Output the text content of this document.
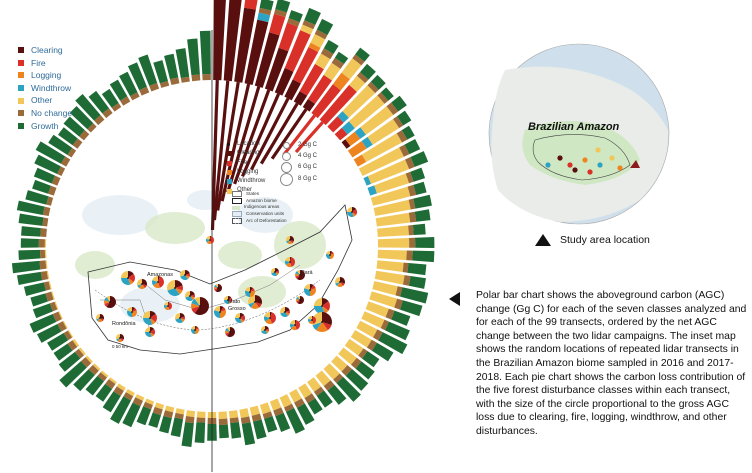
Clearing
Fire
Logging
Windthrow
Other
No change
Growth
Location
Clearing
Fire
Logging
Windthrow
Other
2 Gg C
4 Gg C
6 Gg C
8 Gg C
States
Amazon biome
Indigenous areas
Conservation units
Arc of Deforestation
Amazonas
Rondônia
Mato Grosso
Pará
0 50 km
Brazilian Amazon
Study area location
Polar bar chart shows the aboveground carbon (AGC) change (Gg C) for each of the seven classes analyzed and for each of the 99 transects, ordered by the net AGC change between the two lidar campaigns. The inset map shows the random locations of repeated lidar transects in the Brazilian Amazon biome sampled in 2016 and 2017-2018. Each pie chart shows the carbon loss contribution of the five forest disturbance classes within each transect, with the size of the circle proportional to the gross AGC loss due to clearing, fire, logging, windthrow, and other disturbances.
